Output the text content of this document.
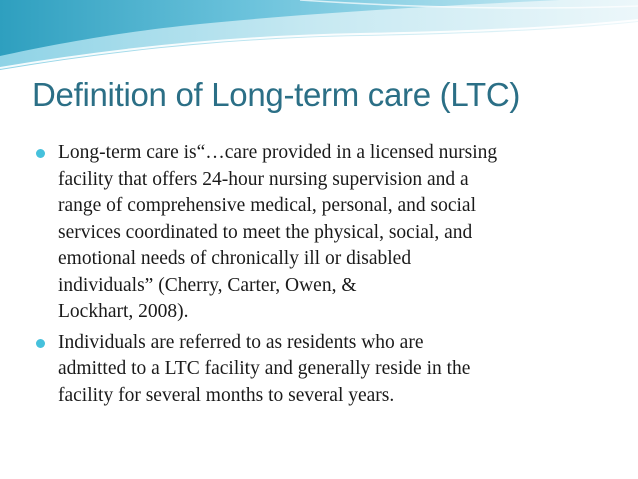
Definition of Long-term care (LTC)
Long-term care is“…care provided in a licensed nursing
facility that offers 24-hour nursing supervision and a
range of comprehensive medical, personal, and social
services coordinated to meet the physical, social, and
emotional needs of chronically ill or disabled
individuals” (Cherry, Carter, Owen, &
Lockhart, 2008).
Individuals are referred to as residents who are
admitted to a LTC facility and generally reside in the
facility for several months to several years.
